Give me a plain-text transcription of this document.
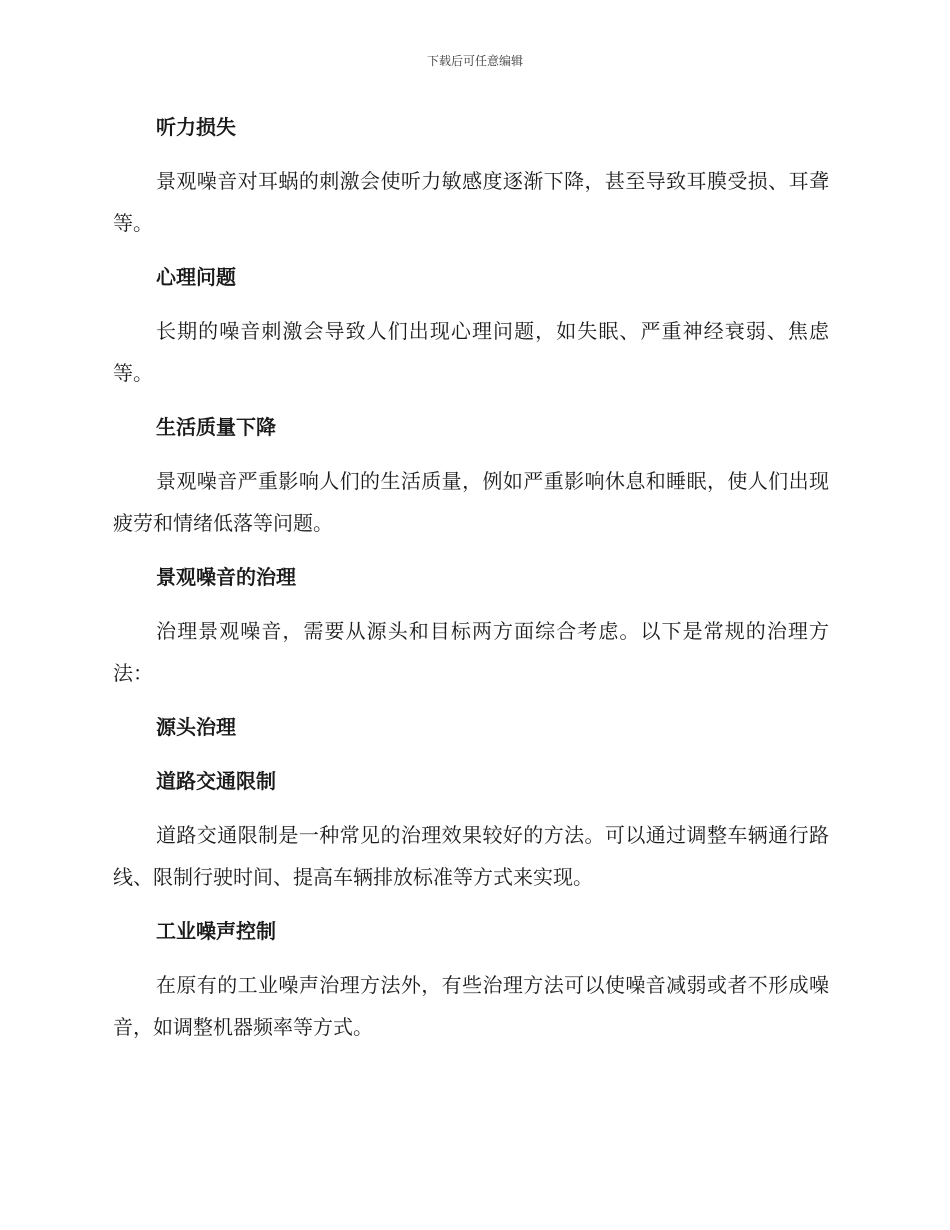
下载后可任意编辑
听力损失
景观噪音对耳蜗的刺激会使听力敏感度逐渐下降，甚至导致耳膜受损、耳聋等。
心理问题
长期的噪音刺激会导致人们出现心理问题，如失眠、严重神经衰弱、焦虑等。
生活质量下降
景观噪音严重影响人们的生活质量，例如严重影响休息和睡眠，使人们出现疲劳和情绪低落等问题。
景观噪音的治理
治理景观噪音，需要从源头和目标两方面综合考虑。以下是常规的治理方法：
源头治理
道路交通限制
道路交通限制是一种常见的治理效果较好的方法。可以通过调整车辆通行路线、限制行驶时间、提高车辆排放标准等方式来实现。
工业噪声控制
在原有的工业噪声治理方法外，有些治理方法可以使噪音减弱或者不形成噪音，如调整机器频率等方式。
